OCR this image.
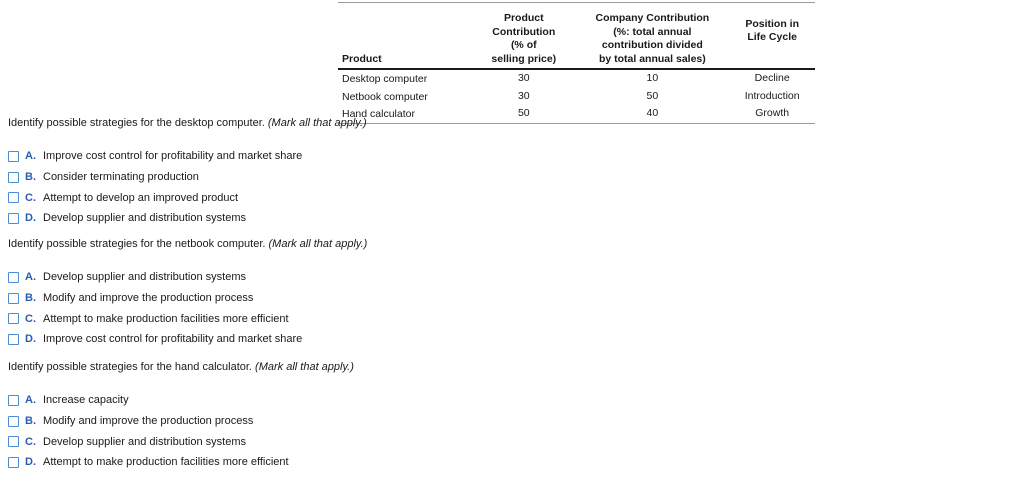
Product	Product
Contribution
(% of
selling price)	Company Contribution
(%: total annual
contribution divided
by total annual sales)	Position in
Life Cycle
Desktop computer	30	10	Decline
Netbook computer	30	50	Introduction
Hand calculator	50	40	Growth

Identify possible strategies for the desktop computer. (Mark all that apply.)

A. Improve cost control for profitability and market share
B. Consider terminating production
C. Attempt to develop an improved product
D. Develop supplier and distribution systems

Identify possible strategies for the netbook computer. (Mark all that apply.)

A. Develop supplier and distribution systems
B. Modify and improve the production process
C. Attempt to make production facilities more efficient
D. Improve cost control for profitability and market share

Identify possible strategies for the hand calculator. (Mark all that apply.)

A. Increase capacity
B. Modify and improve the production process
C. Develop supplier and distribution systems
D. Attempt to make production facilities more efficient
